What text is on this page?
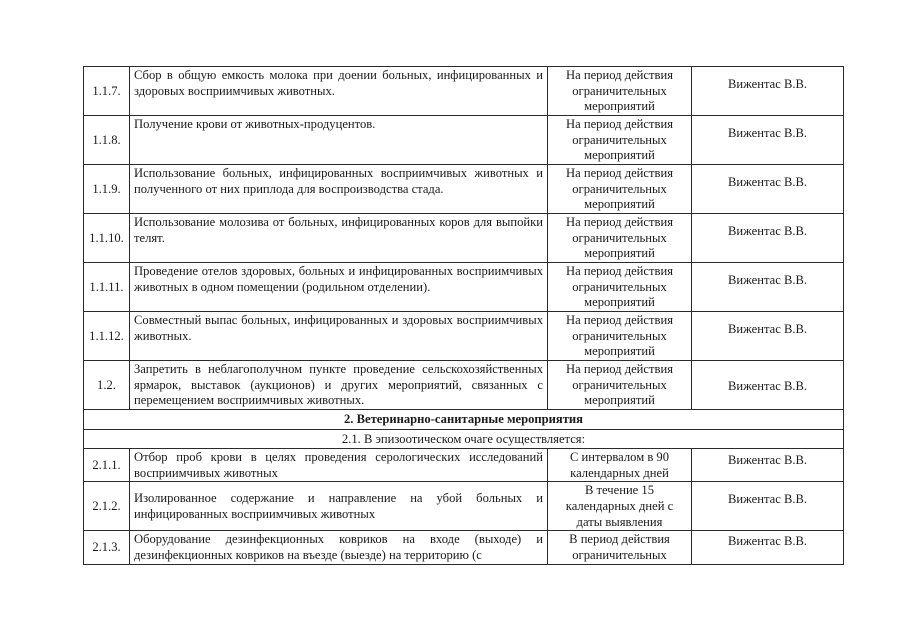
1.1.7.	Сбор в общую емкость молока при доении больных, инфицированных и здоровых восприимчивых животных.	На период действия ограничительных мероприятий	Вижентас В.В.
1.1.8.	Получение крови от животных-продуцентов.	На период действия ограничительных мероприятий	Вижентас В.В.
1.1.9.	Использование больных, инфицированных восприимчивых животных и полученного от них приплода для воспроизводства стада.	На период действия ограничительных мероприятий	Вижентас В.В.
1.1.10.	Использование молозива от больных, инфицированных коров для выпойки телят.	На период действия ограничительных мероприятий	Вижентас В.В.
1.1.11.	Проведение отелов здоровых, больных и инфицированных восприимчивых животных в одном помещении (родильном отделении).	На период действия ограничительных мероприятий	Вижентас В.В.
1.1.12.	Совместный выпас больных, инфицированных и здоровых восприимчивых животных.	На период действия ограничительных мероприятий	Вижентас В.В.
1.2.	Запретить в неблагополучном пункте проведение сельскохозяйственных ярмарок, выставок (аукционов) и других мероприятий, связанных с перемещением восприимчивых животных.	На период действия ограничительных мероприятий	Вижентас В.В.
2. Ветеринарно-санитарные мероприятия			
2.1. В эпизоотическом очаге осуществляется:			
2.1.1.	Отбор проб крови в целях проведения серологических исследований восприимчивых животных	С интервалом в 90 календарных дней	Вижентас В.В.
2.1.2.	Изолированное содержание и направление на убой больных и инфицированных восприимчивых животных	В течение 15 календарных дней с даты выявления	Вижентас В.В.
2.1.3.	Оборудование дезинфекционных ковриков на входе (выходе) и дезинфекционных ковриков на въезде (выезде) на территорию (с	В период действия ограничительных	Вижентас В.В.
